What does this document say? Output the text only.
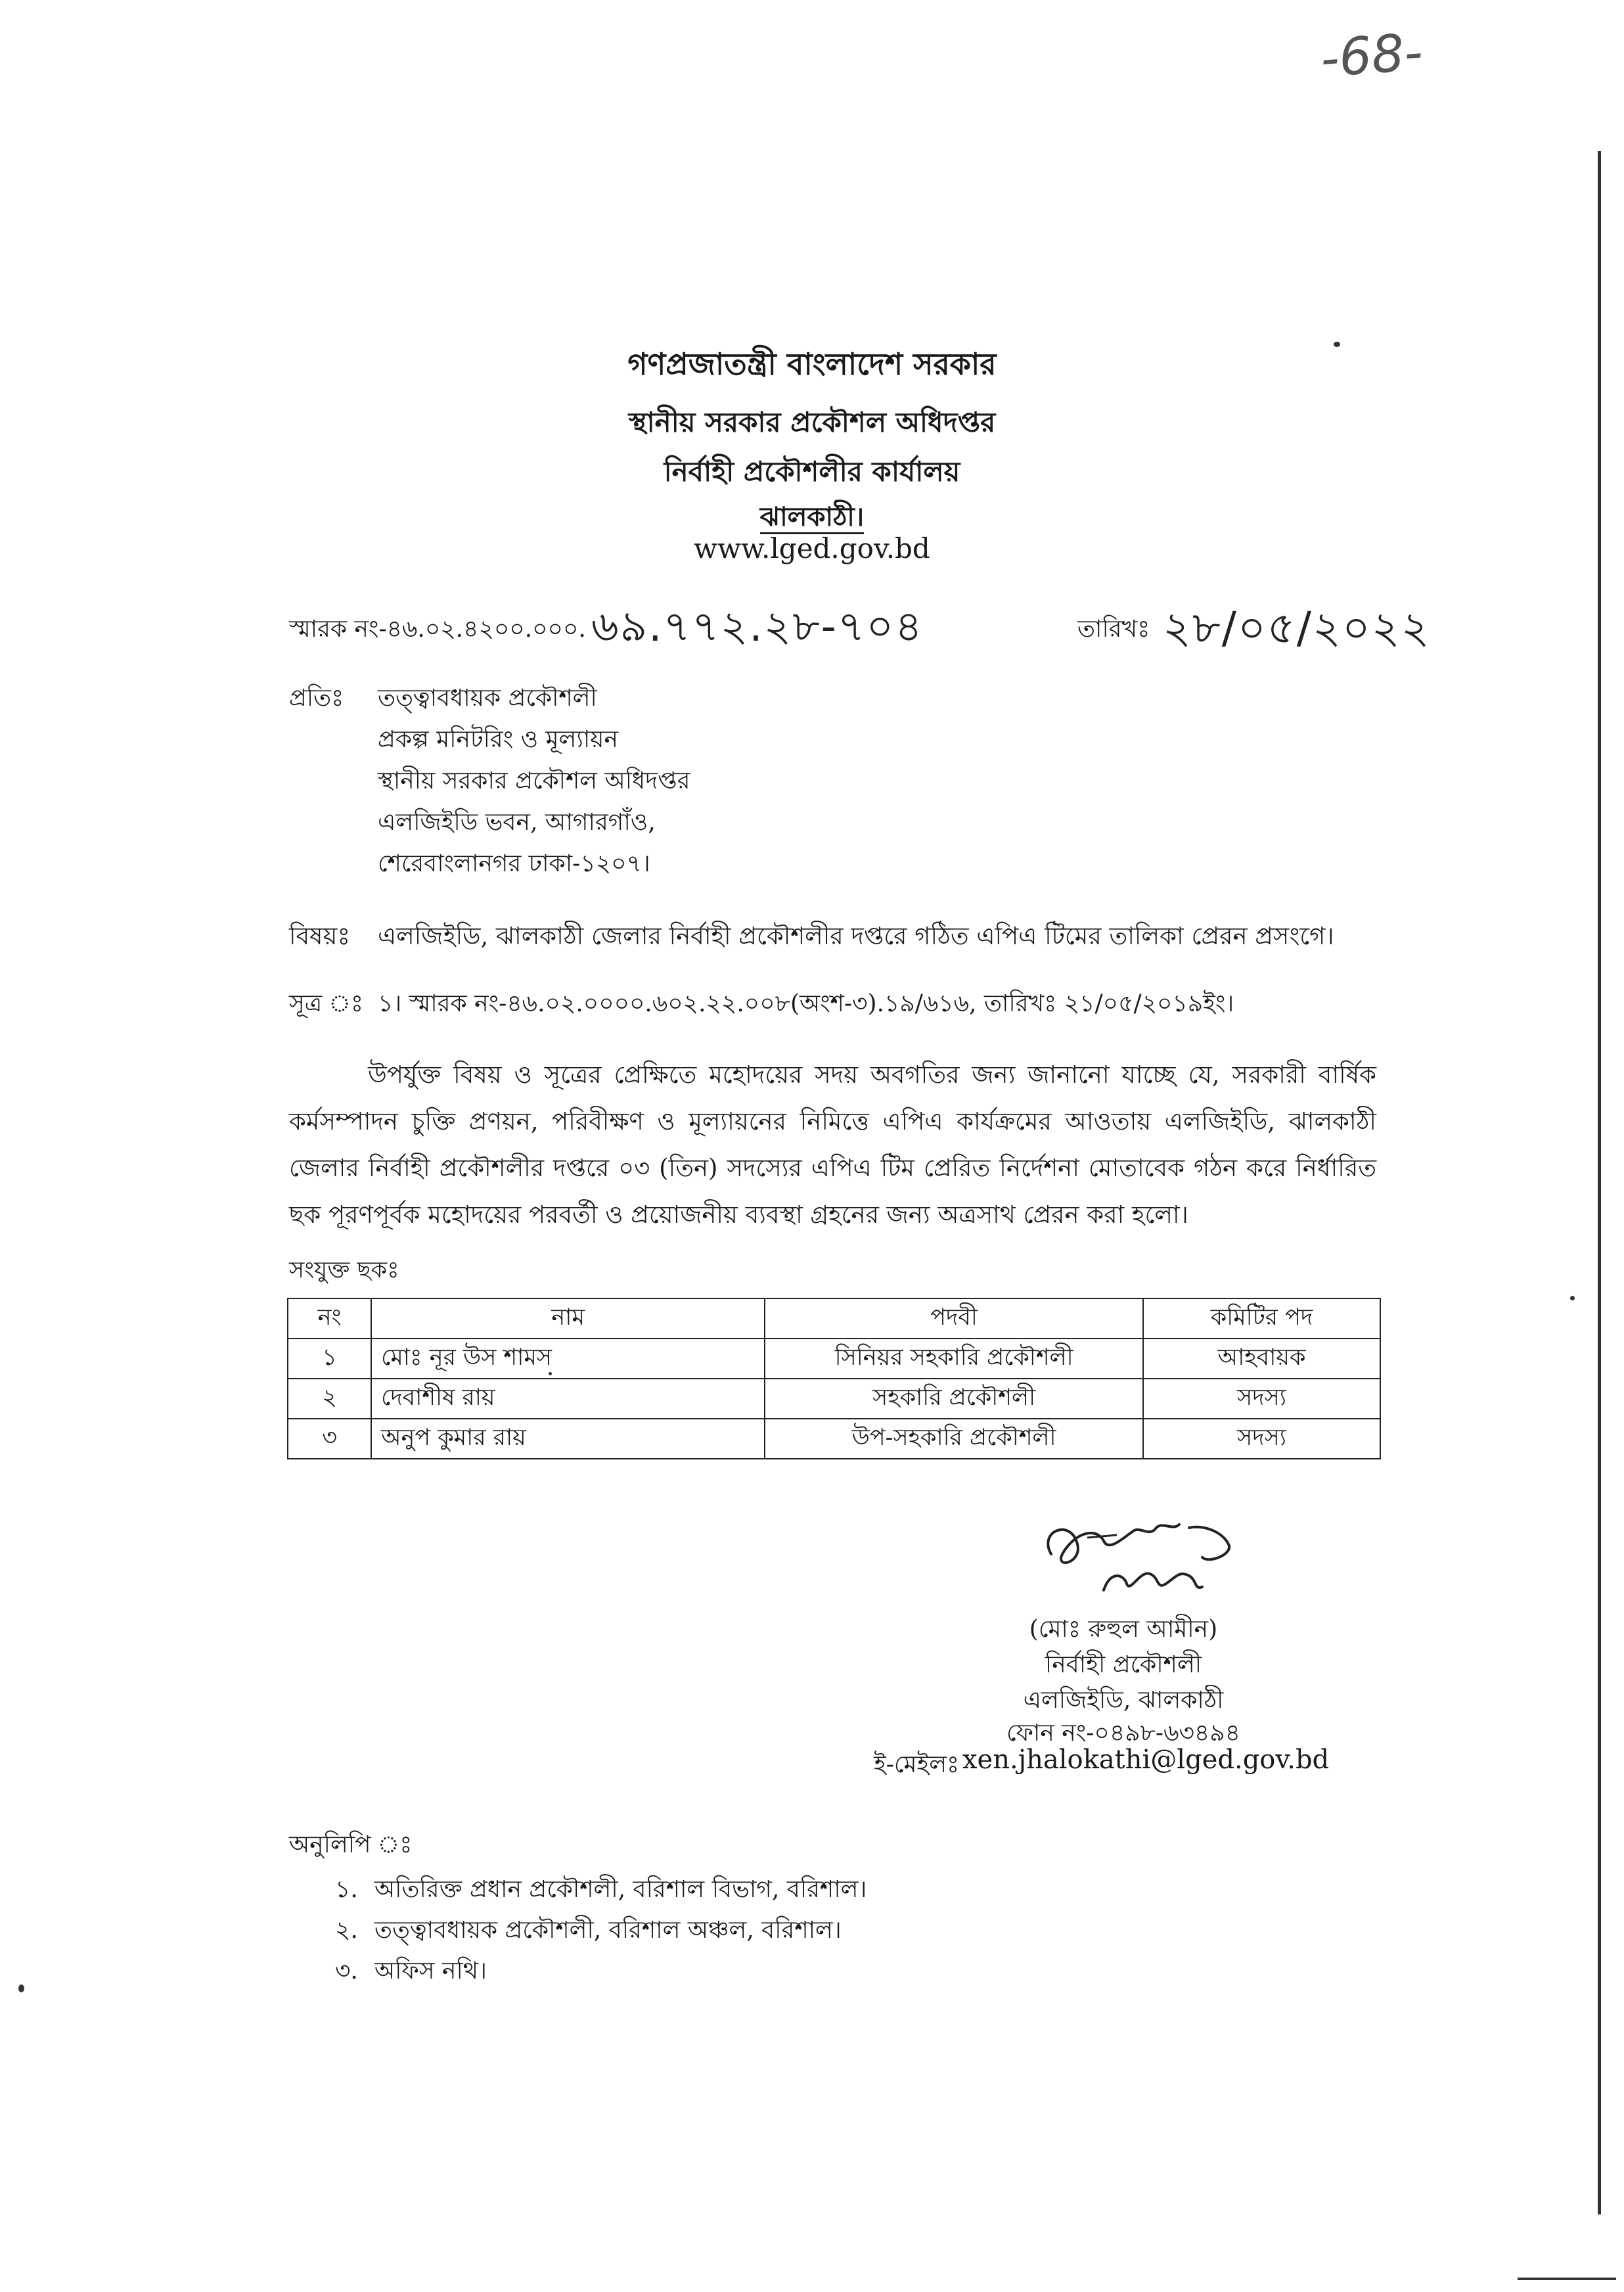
-68-
গণপ্রজাতন্ত্রী বাংলাদেশ সরকার
স্থানীয় সরকার প্রকৌশল অধিদপ্তর
নির্বাহী প্রকৌশলীর কার্যালয়
ঝালকাঠী।
www.lged.gov.bd
স্মারক নং-৪৬.০২.৪২০০.০০০. ৬৯.৭৭২.২৮-৭০৪	তারিখঃ ২৮/০৫/২০২২
প্রতিঃ তত্ত্বাবধায়ক প্রকৌশলী
প্রকল্প মনিটরিং ও মূল্যায়ন
স্থানীয় সরকার প্রকৌশল অধিদপ্তর
এলজিইডি ভবন, আগারগাঁও,
শেরেবাংলানগর ঢাকা-১২০৭।
বিষয়ঃ এলজিইডি, ঝালকাঠী জেলার নির্বাহী প্রকৌশলীর দপ্তরে গঠিত এপিএ টিমের তালিকা প্রেরন প্রসংগে।
সূত্র ঃ ১। স্মারক নং-৪৬.০২.০০০০.৬০২.২২.০০৮(অংশ-৩).১৯/৬১৬, তারিখঃ ২১/০৫/২০১৯ইং।
উপর্যুক্ত বিষয় ও সূত্রের প্রেক্ষিতে মহোদয়ের সদয় অবগতির জন্য জানানো যাচ্ছে যে, সরকারী বার্ষিক কর্মসম্পাদন চুক্তি প্রণয়ন, পরিবীক্ষণ ও মূল্যায়নের নিমিত্তে এপিএ কার্যক্রমের আওতায় এলজিইডি, ঝালকাঠী জেলার নির্বাহী প্রকৌশলীর দপ্তরে ০৩ (তিন) সদস্যের এপিএ টিম প্রেরিত নির্দেশনা মোতাবেক গঠন করে নির্ধারিত ছক পূরণপূর্বক মহোদয়ের পরবর্তী ও প্রয়োজনীয় ব্যবস্থা গ্রহনের জন্য অত্রসাথ প্রেরন করা হলো।
সংযুক্ত ছকঃ
নং	নাম	পদবী	কমিটির পদ
১	মোঃ নূর উস শামস	সিনিয়র সহকারি প্রকৌশলী	আহবায়ক
২	দেবাশীষ রায়	সহকারি প্রকৌশলী	সদস্য
৩	অনুপ কুমার রায়	উপ-সহকারি প্রকৌশলী	সদস্য
(মোঃ রুহুল আমীন)
নির্বাহী প্রকৌশলী
এলজিইডি, ঝালকাঠী
ফোন নং-০৪৯৮-৬৩৪৯৪
ই-মেইলঃ xen.jhalokathi@lged.gov.bd
অনুলিপি ঃ
১. অতিরিক্ত প্রধান প্রকৌশলী, বরিশাল বিভাগ, বরিশাল।
২. তত্ত্বাবধায়ক প্রকৌশলী, বরিশাল অঞ্চল, বরিশাল।
৩. অফিস নথি।
